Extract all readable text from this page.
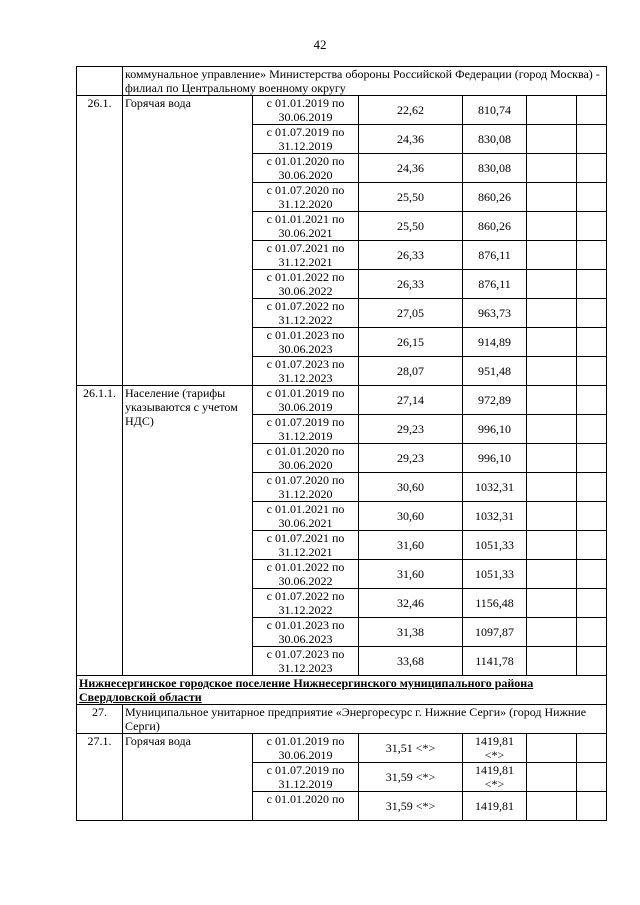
42
	коммунальное управление» Министерства обороны Российской Федерации (город Москва) - филиал по Центральному военному округу					
26.1.	Горячая вода	с 01.01.2019 по 30.06.2019	22,62	810,74		
		с 01.07.2019 по 31.12.2019	24,36	830,08		
		с 01.01.2020 по 30.06.2020	24,36	830,08		
		с 01.07.2020 по 31.12.2020	25,50	860,26		
		с 01.01.2021 по 30.06.2021	25,50	860,26		
		с 01.07.2021 по 31.12.2021	26,33	876,11		
		с 01.01.2022 по 30.06.2022	26,33	876,11		
		с 01.07.2022 по 31.12.2022	27,05	963,73		
		с 01.01.2023 по 30.06.2023	26,15	914,89		
		с 01.07.2023 по 31.12.2023	28,07	951,48		
26.1.1.	Население (тарифы указываются с учетом НДС)	с 01.01.2019 по 30.06.2019	27,14	972,89		
		с 01.07.2019 по 31.12.2019	29,23	996,10		
		с 01.01.2020 по 30.06.2020	29,23	996,10		
		с 01.07.2020 по 31.12.2020	30,60	1032,31		
		с 01.01.2021 по 30.06.2021	30,60	1032,31		
		с 01.07.2021 по 31.12.2021	31,60	1051,33		
		с 01.01.2022 по 30.06.2022	31,60	1051,33		
		с 01.07.2022 по 31.12.2022	32,46	1156,48		
		с 01.01.2023 по 30.06.2023	31,38	1097,87		
		с 01.07.2023 по 31.12.2023	33,68	1141,78		
Нижнесергинское городское поселение Нижнесергинского муниципального района Свердловской области						
27.	Муниципальное унитарное предприятие «Энергоресурс г. Нижние Серги» (город Нижние Серги)					
27.1.	Горячая вода	с 01.01.2019 по 30.06.2019	31,51 <*>	1419,81 <*>		
		с 01.07.2019 по 31.12.2019	31,59 <*>	1419,81 <*>		
		с 01.01.2020 по	31,59 <*>	1419,81		
